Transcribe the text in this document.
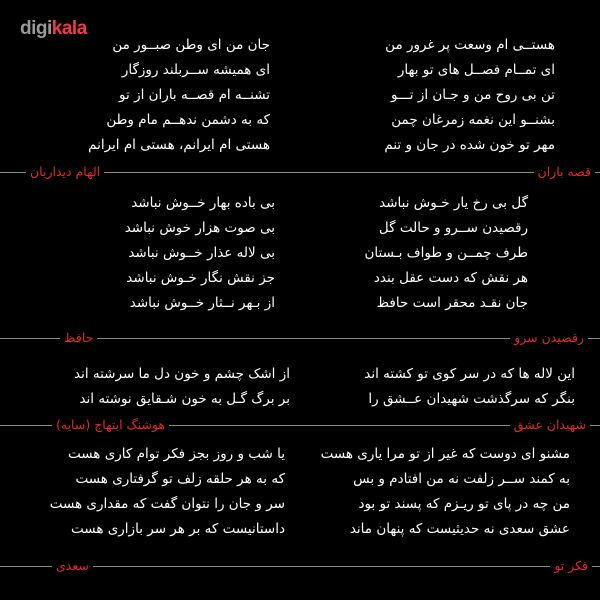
digikala
هستــی ام وسعت پر غرور من
ای تمــام فصــل های تو بهار
تن بی روح من و جـان از تـــو
بشنــو این نغمه زمرغان چمن
مهر تو خون شده در جان و تنم
جان من ای وطن صبــور من
ای همیشه ســربلند روزگار
تشنــه ام قصــه باران از تو
که به دشمن ندهــم مام وطن
هستی ام ایرانم، هستی ام ایرانم
قصه باران
الهام دیداریان
گل بی رخ یار خـوش نباشد
رقصیدن ســرو و حالت گل
طرف چمــن و طواف بـستان
هر نقش که دست عقل بندد
جان نقـد محقر است حافظ
بی باده بهار خــوش نباشد
بی صوت هزار خوش نباشد
بی لاله عذار خــوش نباشد
جز نقش نگار خـوش نباشد
از بـهر نــثار خــوش نباشد
رقصیدن سرو
حافظ
این لاله ها که در سر کوی تو کشته اند
بنگر که سرگذشت شهیدان عــشق را
از اشک چشم و خون دل ما سرشته اند
بر برگ گـل به خون شـقایق نوشته اند
شهیدان عشق
هوشنگ ابتهاج (سایه)
مشنو ای دوست که غیر از تو مرا یاری هست
به کمند ســر زلفت نه من افتادم و بس
من چه در پای تو ریـزم که پسند تو بود
عشق سعدی نه حدیثیست که پنهان ماند
یا شب و روز بجز فکر توام کاری هست
که به هر حلقه زلف تو گرفتاری هست
سر و جان را نتوان گفت که مقداری هست
داستانیست که بر هر سر بازاری هست
فکر تو
سعدی
